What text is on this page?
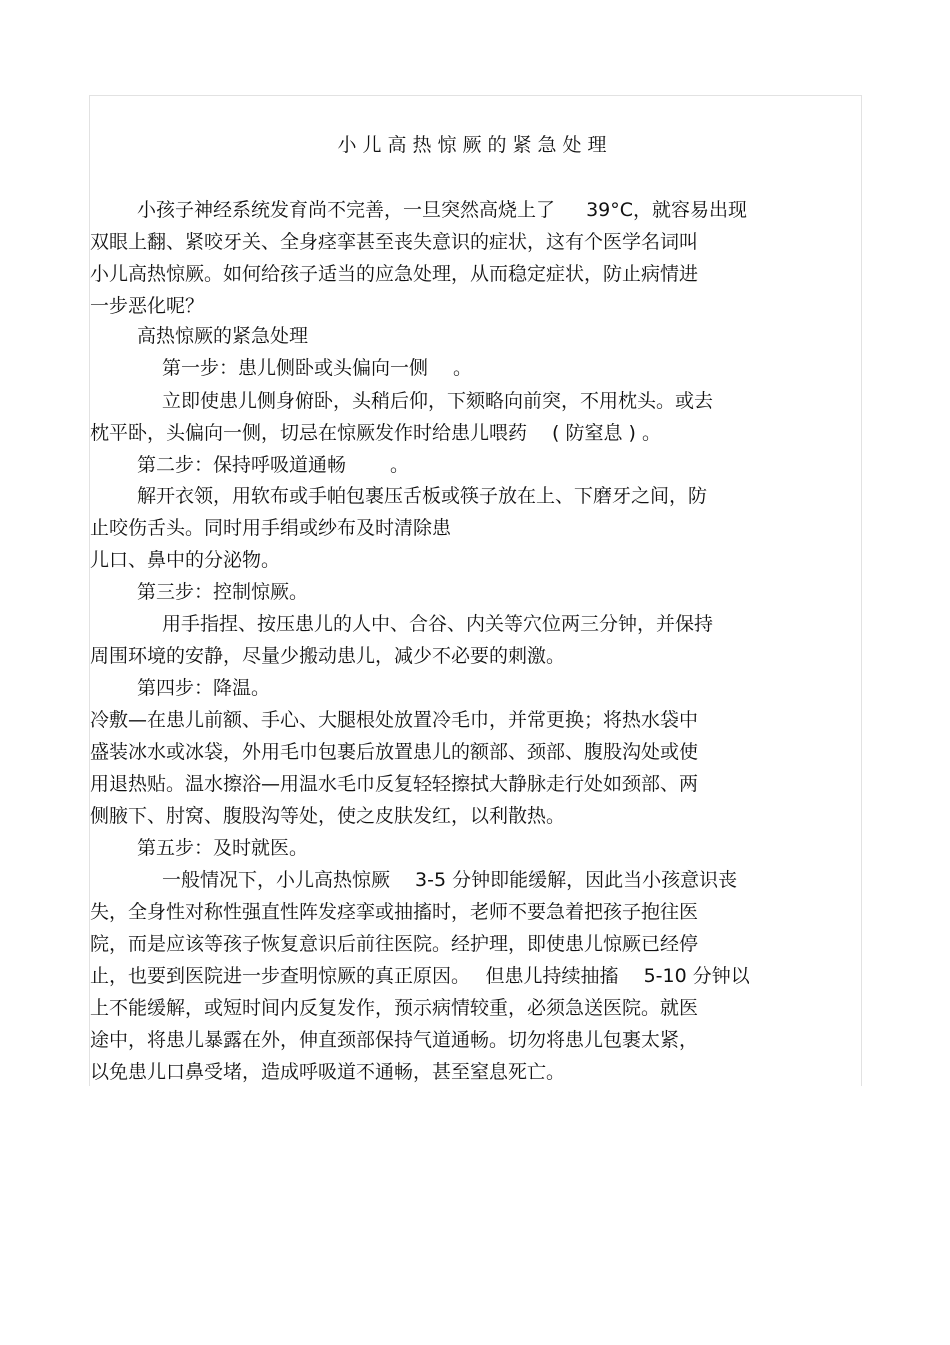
小儿高热惊厥的紧急处理
小孩子神经系统发育尚不完善，一旦突然高烧上了 　 39°C，就容易出现
双眼上翻、紧咬牙关、全身痉挛甚至丧失意识的症状，这有个医学名词叫
小儿高热惊厥。如何给孩子适当的应急处理，从而稳定症状，防止病情进
一步恶化呢？
高热惊厥的紧急处理
第一步：患儿侧卧或头偏向一侧　 。
立即使患儿侧身俯卧，头稍后仰，下颏略向前突，不用枕头。或去
枕平卧，头偏向一侧，切忌在惊厥发作时给患儿喂药　 ( 防窒息 ) 。
第二步：保持呼吸道通畅　　 。
解开衣领，用软布或手帕包裹压舌板或筷子放在上、下磨牙之间，防
止咬伤舌头。同时用手绢或纱布及时清除患
儿口、鼻中的分泌物。
第三步：控制惊厥。
用手指捏、按压患儿的人中、合谷、内关等穴位两三分钟，并保持
周围环境的安静，尽量少搬动患儿，减少不必要的刺激。
第四步：降温。
冷敷—在患儿前额、手心、大腿根处放置冷毛巾，并常更换；将热水袋中
盛装冰水或冰袋，外用毛巾包裹后放置患儿的额部、颈部、腹股沟处或使
用退热贴。温水擦浴—用温水毛巾反复轻轻擦拭大静脉走行处如颈部、两
侧腋下、肘窝、腹股沟等处，使之皮肤发红，以利散热。
第五步：及时就医。
一般情况下，小儿高热惊厥　 3-5 分钟即能缓解，因此当小孩意识丧
失，全身性对称性强直性阵发痉挛或抽搐时，老师不要急着把孩子抱往医
院，而是应该等孩子恢复意识后前往医院。经护理，即使患儿惊厥已经停
止，也要到医院进一步查明惊厥的真正原因。　 但患儿持续抽搐　 5-10 分钟以
上不能缓解，或短时间内反复发作，预示病情较重，必须急送医院。就医
途中，将患儿暴露在外，伸直颈部保持气道通畅。切勿将患儿包裹太紧，
以免患儿口鼻受堵，造成呼吸道不通畅，甚至窒息死亡。
